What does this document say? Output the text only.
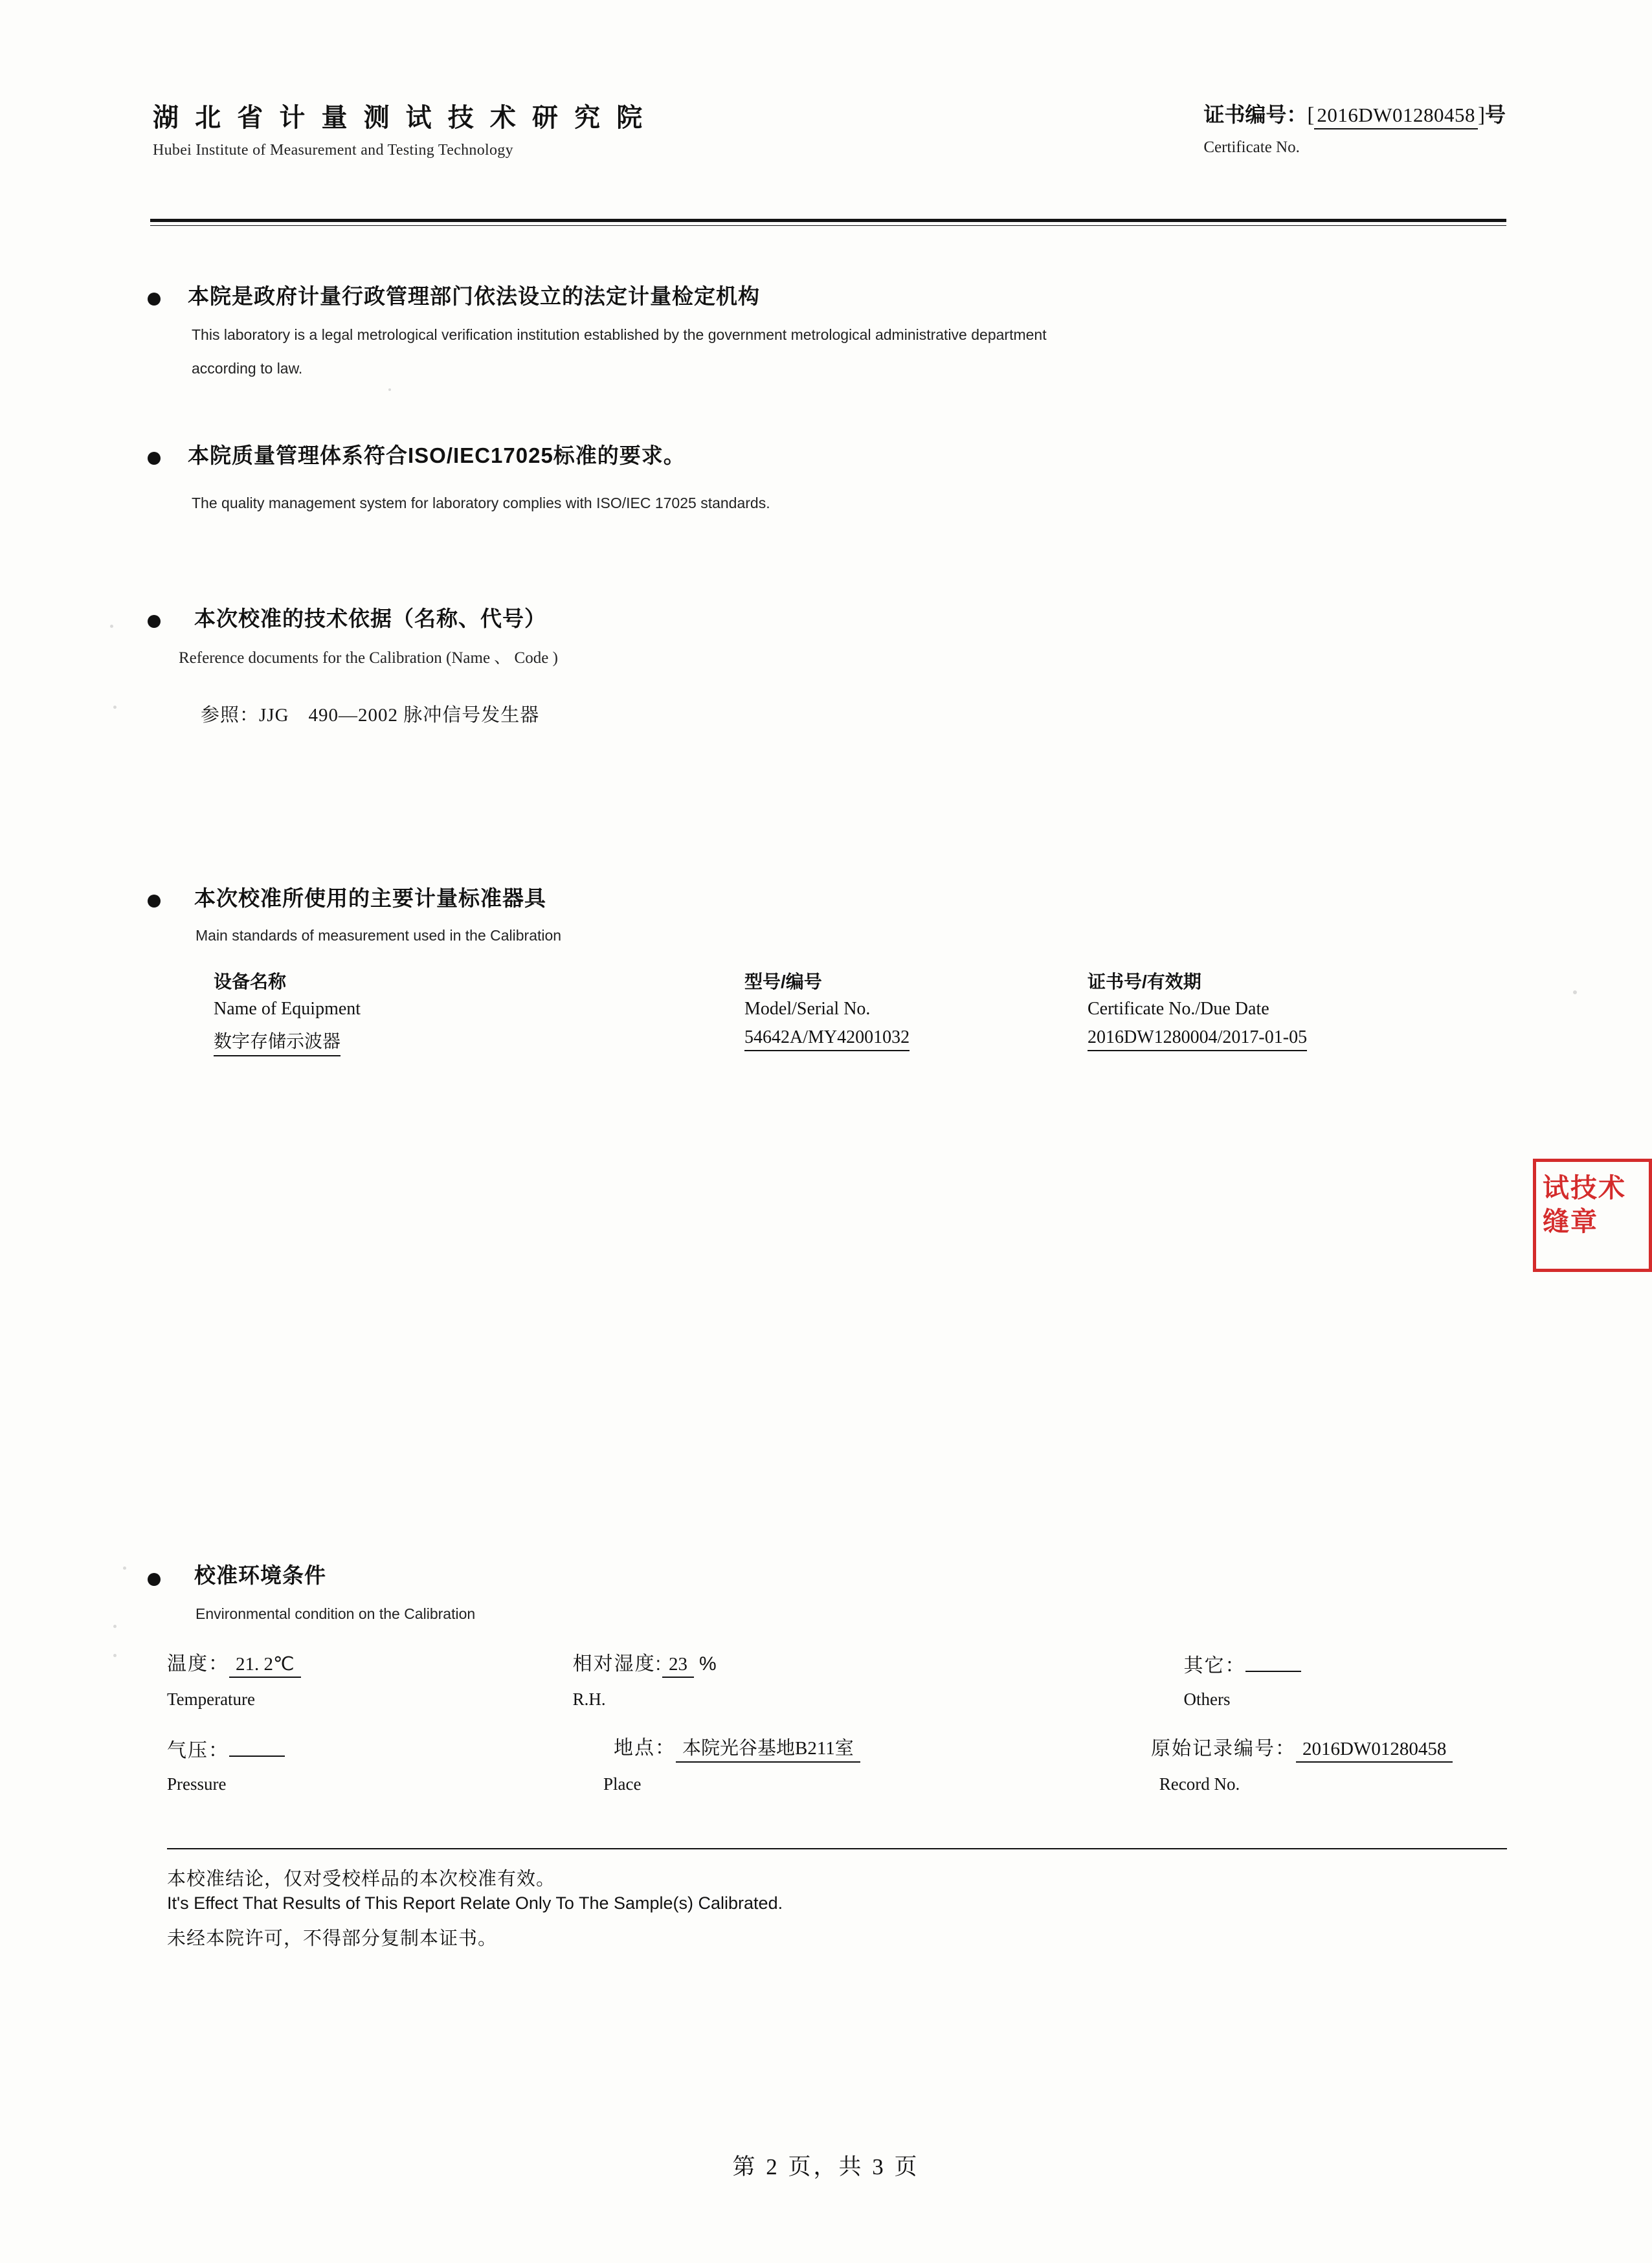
湖 北 省 计 量 测 试 技 术 研 究 院
Hubei Institute of Measurement and Testing Technology
证书编号：[ 2016DW01280458 ]号
Certificate No.
本院是政府计量行政管理部门依法设立的法定计量检定机构
This laboratory is a legal metrological verification institution established by the government metrological administrative department
according to law.
本院质量管理体系符合ISO/IEC17025标准的要求。
The quality management system for laboratory complies with ISO/IEC 17025 standards.
本次校准的技术依据（名称、代号）
Reference documents for the Calibration (Name 、 Code )
参照：JJG　490—2002 脉冲信号发生器
本次校准所使用的主要计量标准器具
Main standards of measurement used in the Calibration
设备名称	型号/编号	证书号/有效期
Name of Equipment	Model/Serial No.	Certificate No./Due Date
数字存储示波器	54642A/MY42001032	2016DW1280004/2017-01-05
试技术
缝章
校准环境条件
Environmental condition on the Calibration
温度： 21. 2℃	相对湿度: 23 %	其它：
Temperature	R.H.	Others
气压：	地点： 本院光谷基地B211室	原始记录编号： 2016DW01280458
Pressure	Place	Record No.
本校准结论，仅对受校样品的本次校准有效。
It's Effect That Results of This Report Relate Only To The Sample(s) Calibrated.
未经本院许可，不得部分复制本证书。
第 2 页，共 3 页
